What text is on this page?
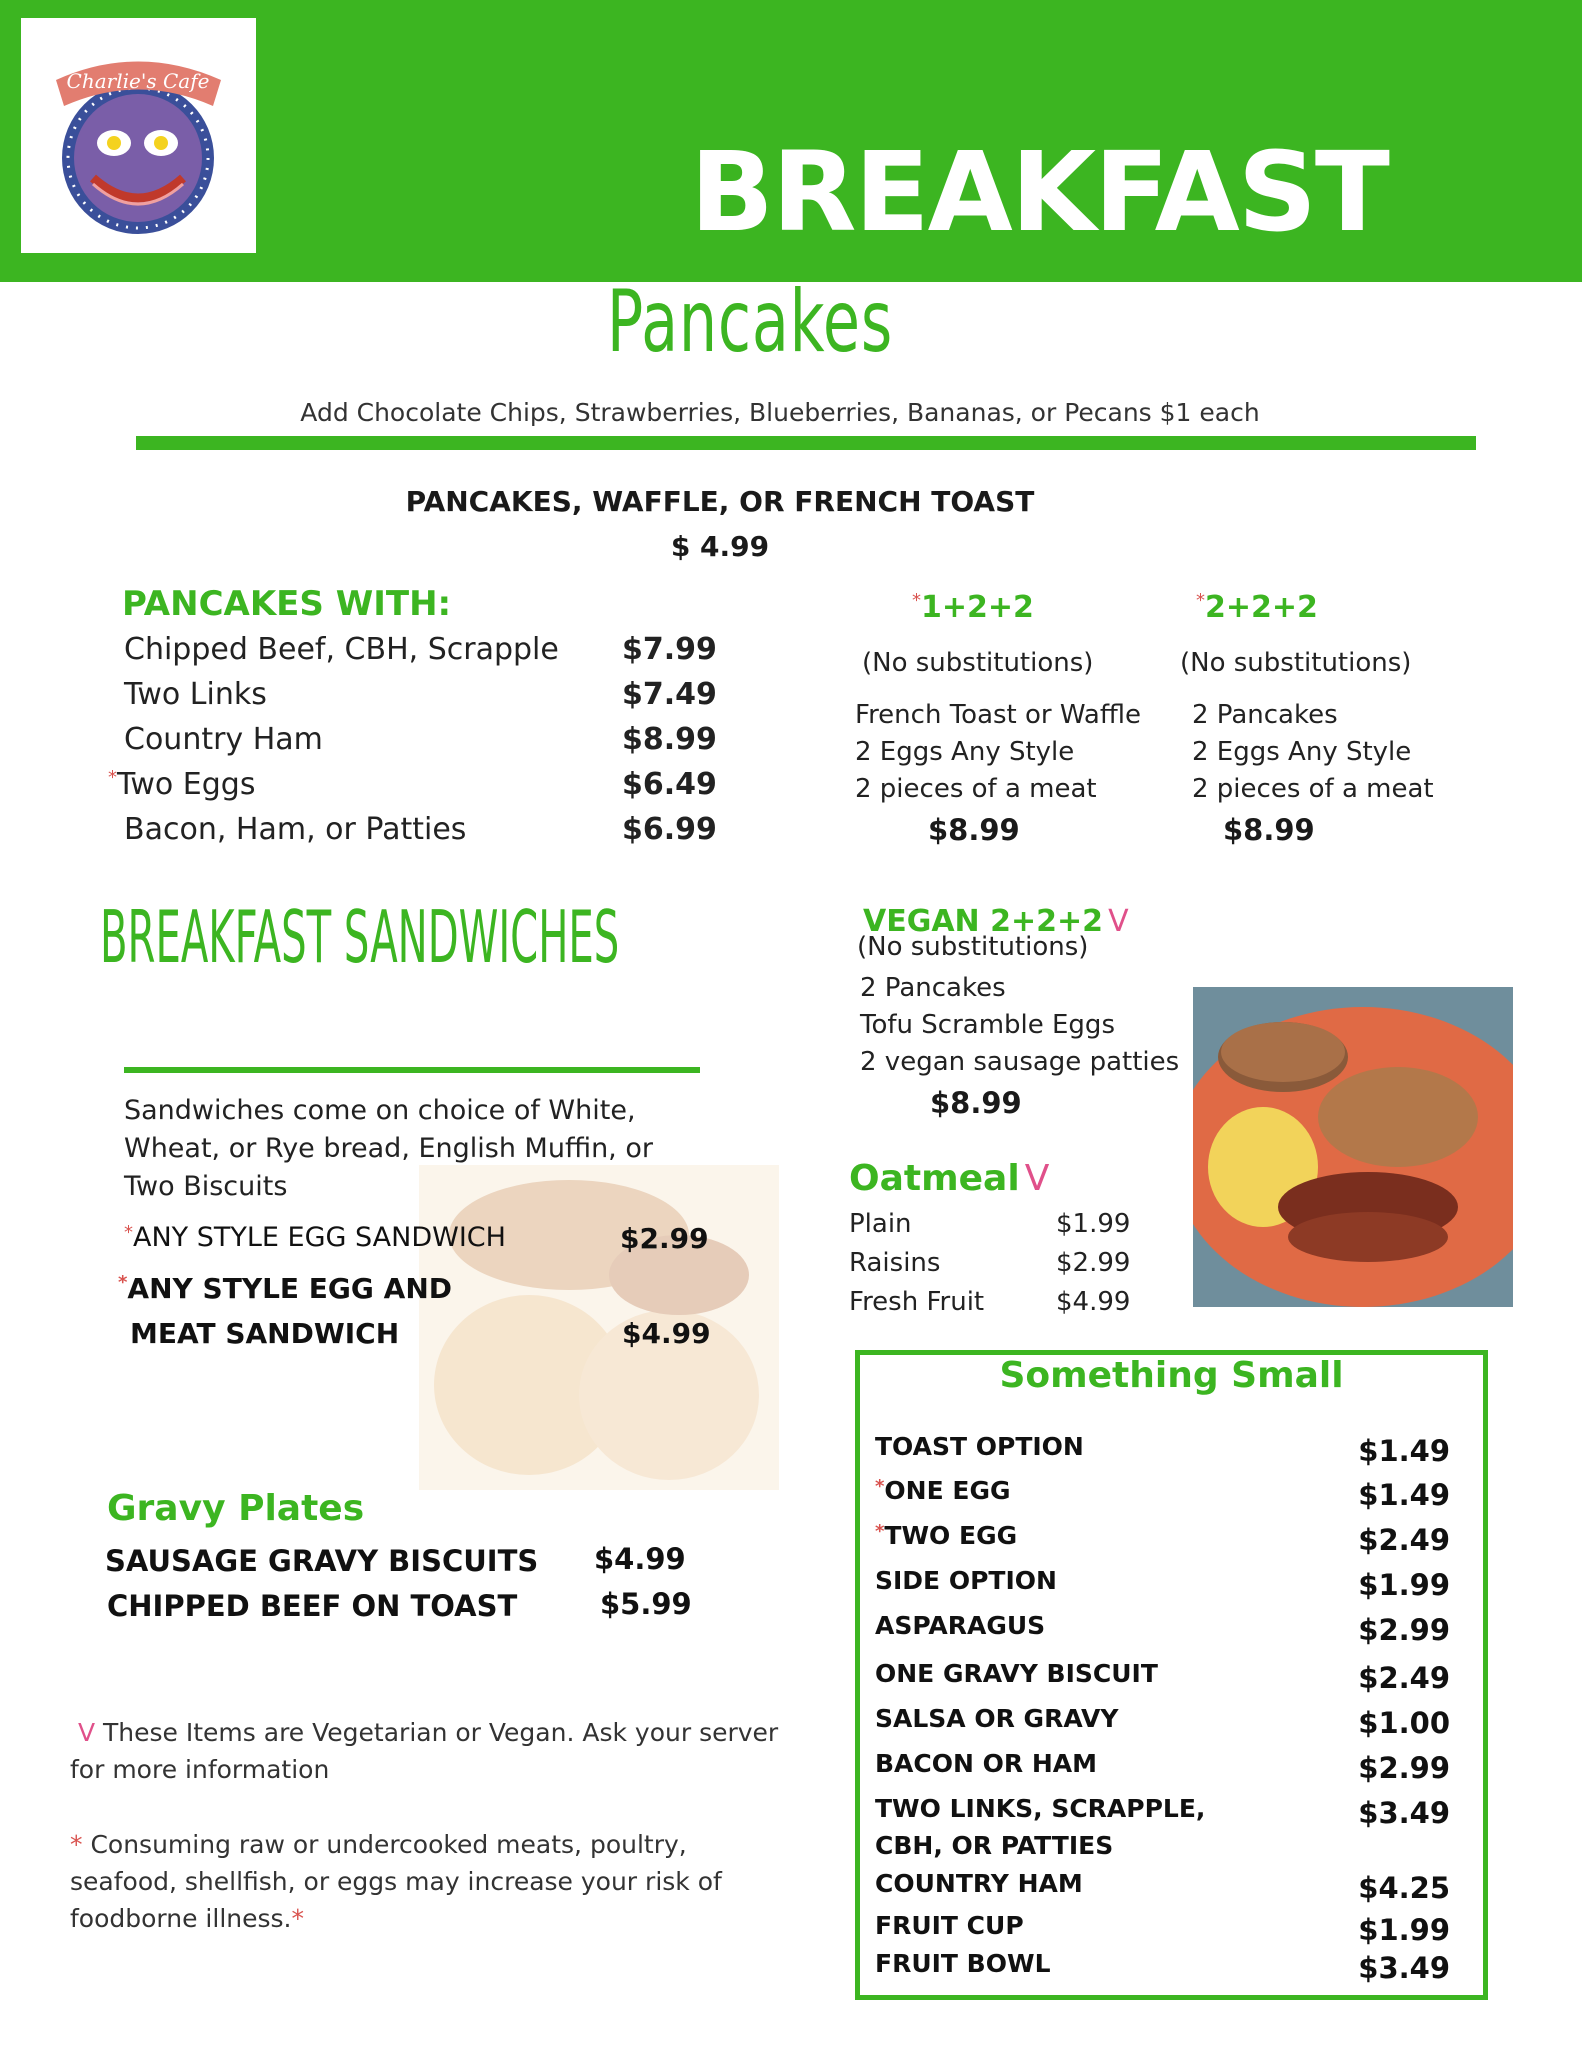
Charlie's Cafe
BREAKFAST
Pancakes
Add Chocolate Chips, Strawberries, Blueberries, Bananas, or Pecans $1 each
PANCAKES, WAFFLE, OR FRENCH TOAST
$ 4.99
PANCAKES WITH:
Chipped Beef, CBH, Scrapple $7.99
Two Links	$7.49
Country Ham	$8.99
*Two Eggs	$6.49
Bacon, Ham, or Patties	$6.99
*1+2+2
(No substitutions)
French Toast or Waffle
2 Eggs Any Style
2 pieces of a meat
$8.99
*2+2+2
(No substitutions)
2 Pancakes
2 Eggs Any Style
2 pieces of a meat
$8.99
BREAKFAST SANDWICHES
Sandwiches come on choice of White, Wheat, or Rye bread, English Muffin, or Two Biscuits
*ANY STYLE EGG SANDWICH	$2.99
*ANY STYLE EGG AND
MEAT SANDWICH	$4.99
VEGAN 2+2+2 V
(No substitutions)
2 Pancakes
Tofu Scramble Eggs
2 vegan sausage patties
$8.99
Oatmeal V
Plain	$1.99
Raisins	$2.99
Fresh Fruit	$4.99
Gravy Plates
SAUSAGE GRAVY BISCUITS $4.99
CHIPPED BEEF ON TOAST	$5.99
Something Small
TOAST OPTION	$1.49
*ONE EGG	$1.49
*TWO EGG	$2.49
SIDE OPTION	$1.99
ASPARAGUS	$2.99
ONE GRAVY BISCUIT	$2.49
SALSA OR GRAVY	$1.00
BACON OR HAM	$2.99
TWO LINKS, SCRAPPLE,	$3.49
CBH, OR PATTIES
COUNTRY HAM	$4.25
FRUIT CUP	$1.99
FRUIT BOWL	$3.49
V These Items are Vegetarian or Vegan. Ask your server for more information
* Consuming raw or undercooked meats, poultry, seafood, shellfish, or eggs may increase your risk of foodborne illness.*
